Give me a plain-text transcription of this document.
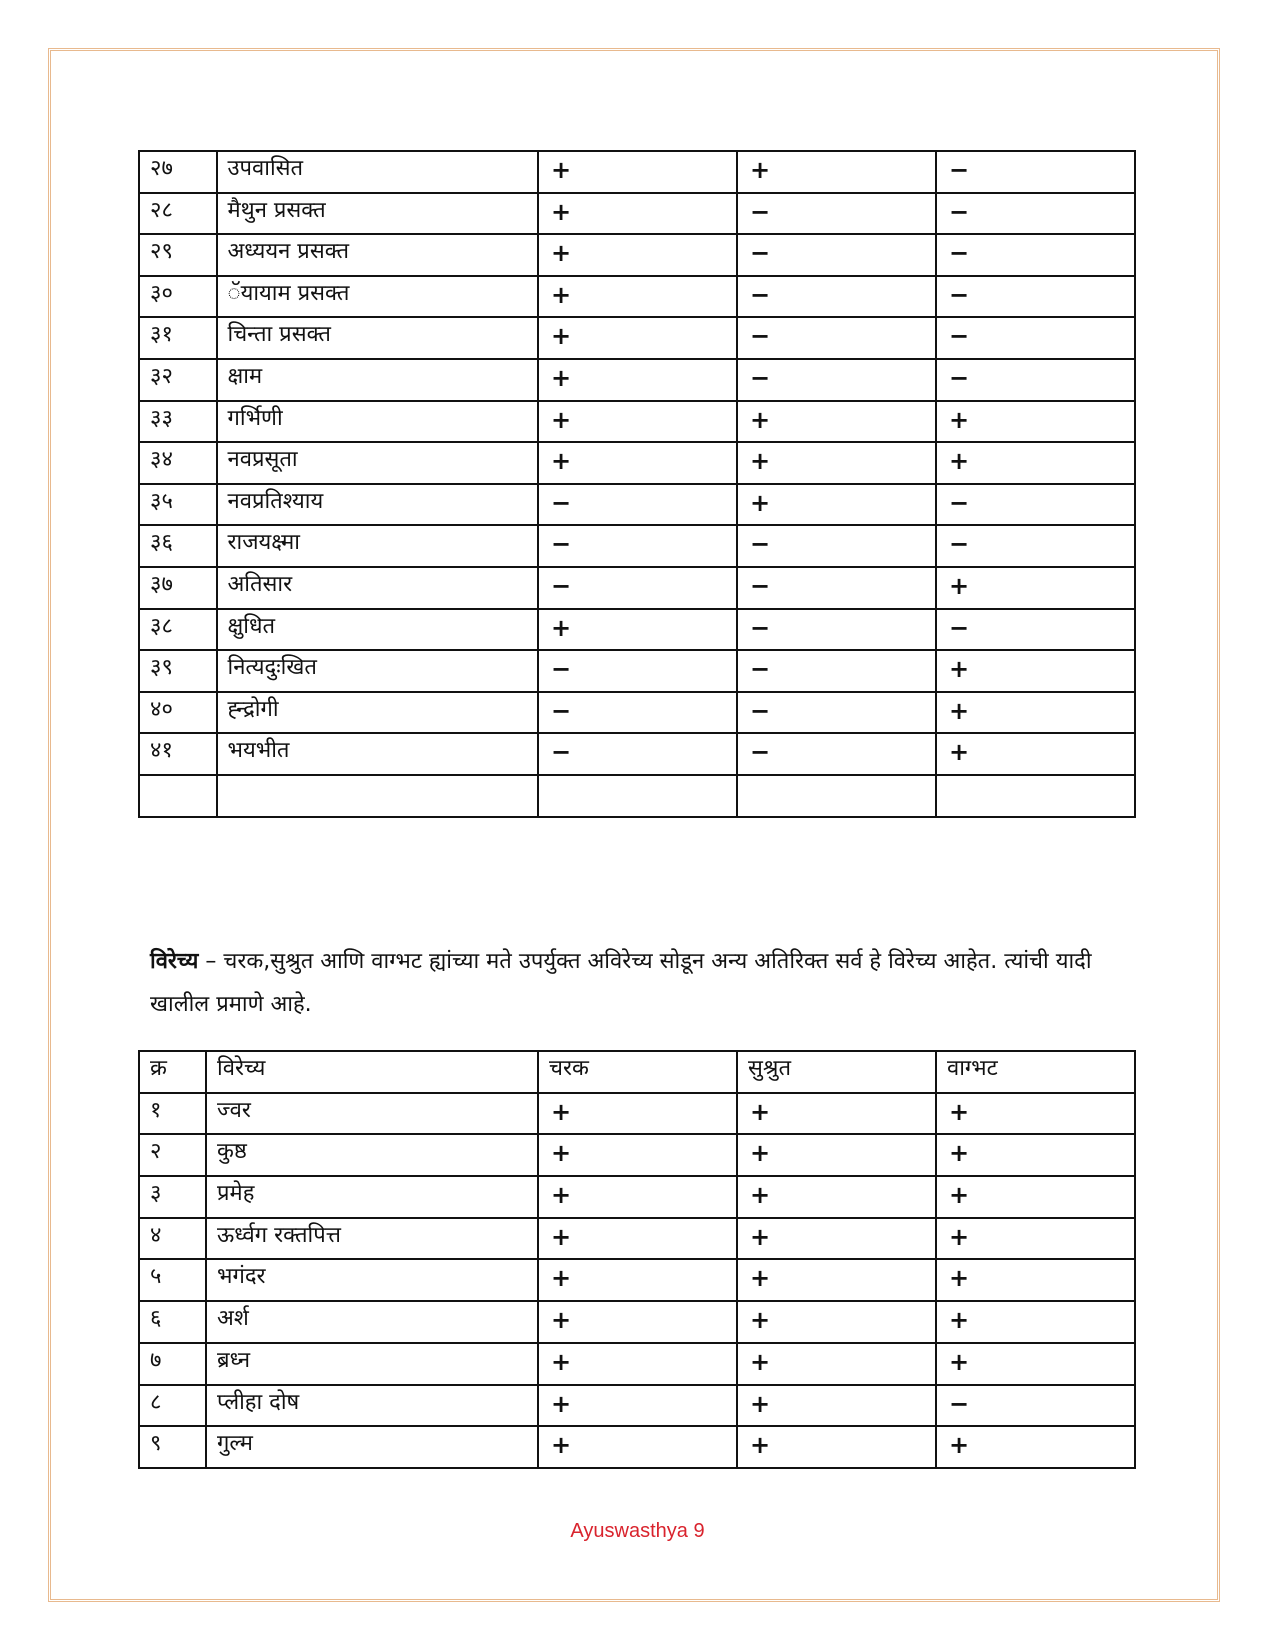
२७	उपवासित	+	+	−
२८	मैथुन प्रसक्त	+	−	−
२९	अध्ययन प्रसक्त	+	−	−
३०	ॅयायाम प्रसक्त	+	−	−
३१	चिन्ता प्रसक्त	+	−	−
३२	क्षाम	+	−	−
३३	गर्भिणी	+	+	+
३४	नवप्रसूता	+	+	+
३५	नवप्रतिश्याय	−	+	−
३६	राजयक्ष्मा	−	−	−
३७	अतिसार	−	−	+
३८	क्षुधित	+	−	−
३९	नित्यदुःखित	−	−	+
४०	ह्न्द्रोगी	−	−	+
४१	भयभीत	−	−	+

विरेच्य – चरक,सुश्रुत आणि वाग्भट ह्यांच्या मते उपर्युक्त अविरेच्य सोडून अन्य अतिरिक्त सर्व हे विरेच्य आहेत. त्यांची यादी खालील प्रमाणे आहे.
क्र	विरेच्य	चरक	सुश्रुत	वाग्भट
१	ज्वर	+	+	+
२	कुष्ठ	+	+	+
३	प्रमेह	+	+	+
४	ऊर्ध्वग रक्तपित्त	+	+	+
५	भगंदर	+	+	+
६	अर्श	+	+	+
७	ब्रध्न	+	+	+
८	प्लीहा दोष	+	+	−
९	गुल्म	+	+	+
Ayuswasthya 9
